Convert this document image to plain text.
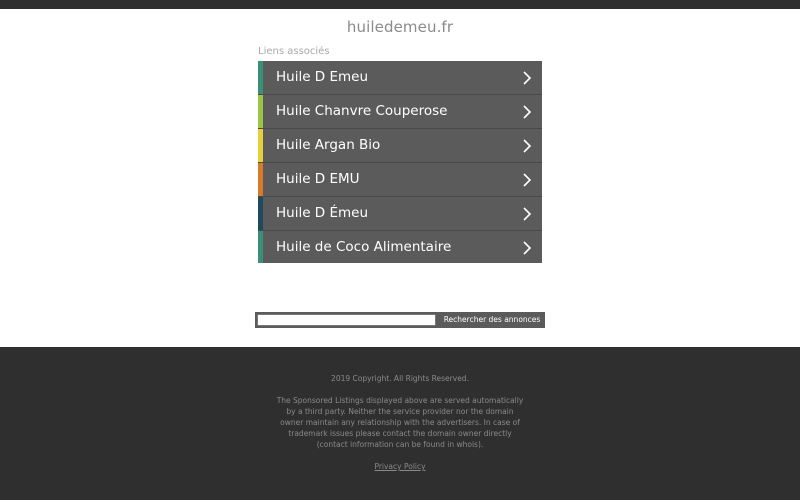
huiledemeu.fr
Liens associés
Huile D Emeu
Huile Chanvre Couperose
Huile Argan Bio
Huile D EMU
Huile D Émeu
Huile de Coco Alimentaire
Rechercher des annonces
2019 Copyright. All Rights Reserved.
The Sponsored Listings displayed above are served automatically by a third party. Neither the service provider nor the domain owner maintain any relationship with the advertisers. In case of trademark issues please contact the domain owner directly (contact information can be found in whois).
Privacy Policy
